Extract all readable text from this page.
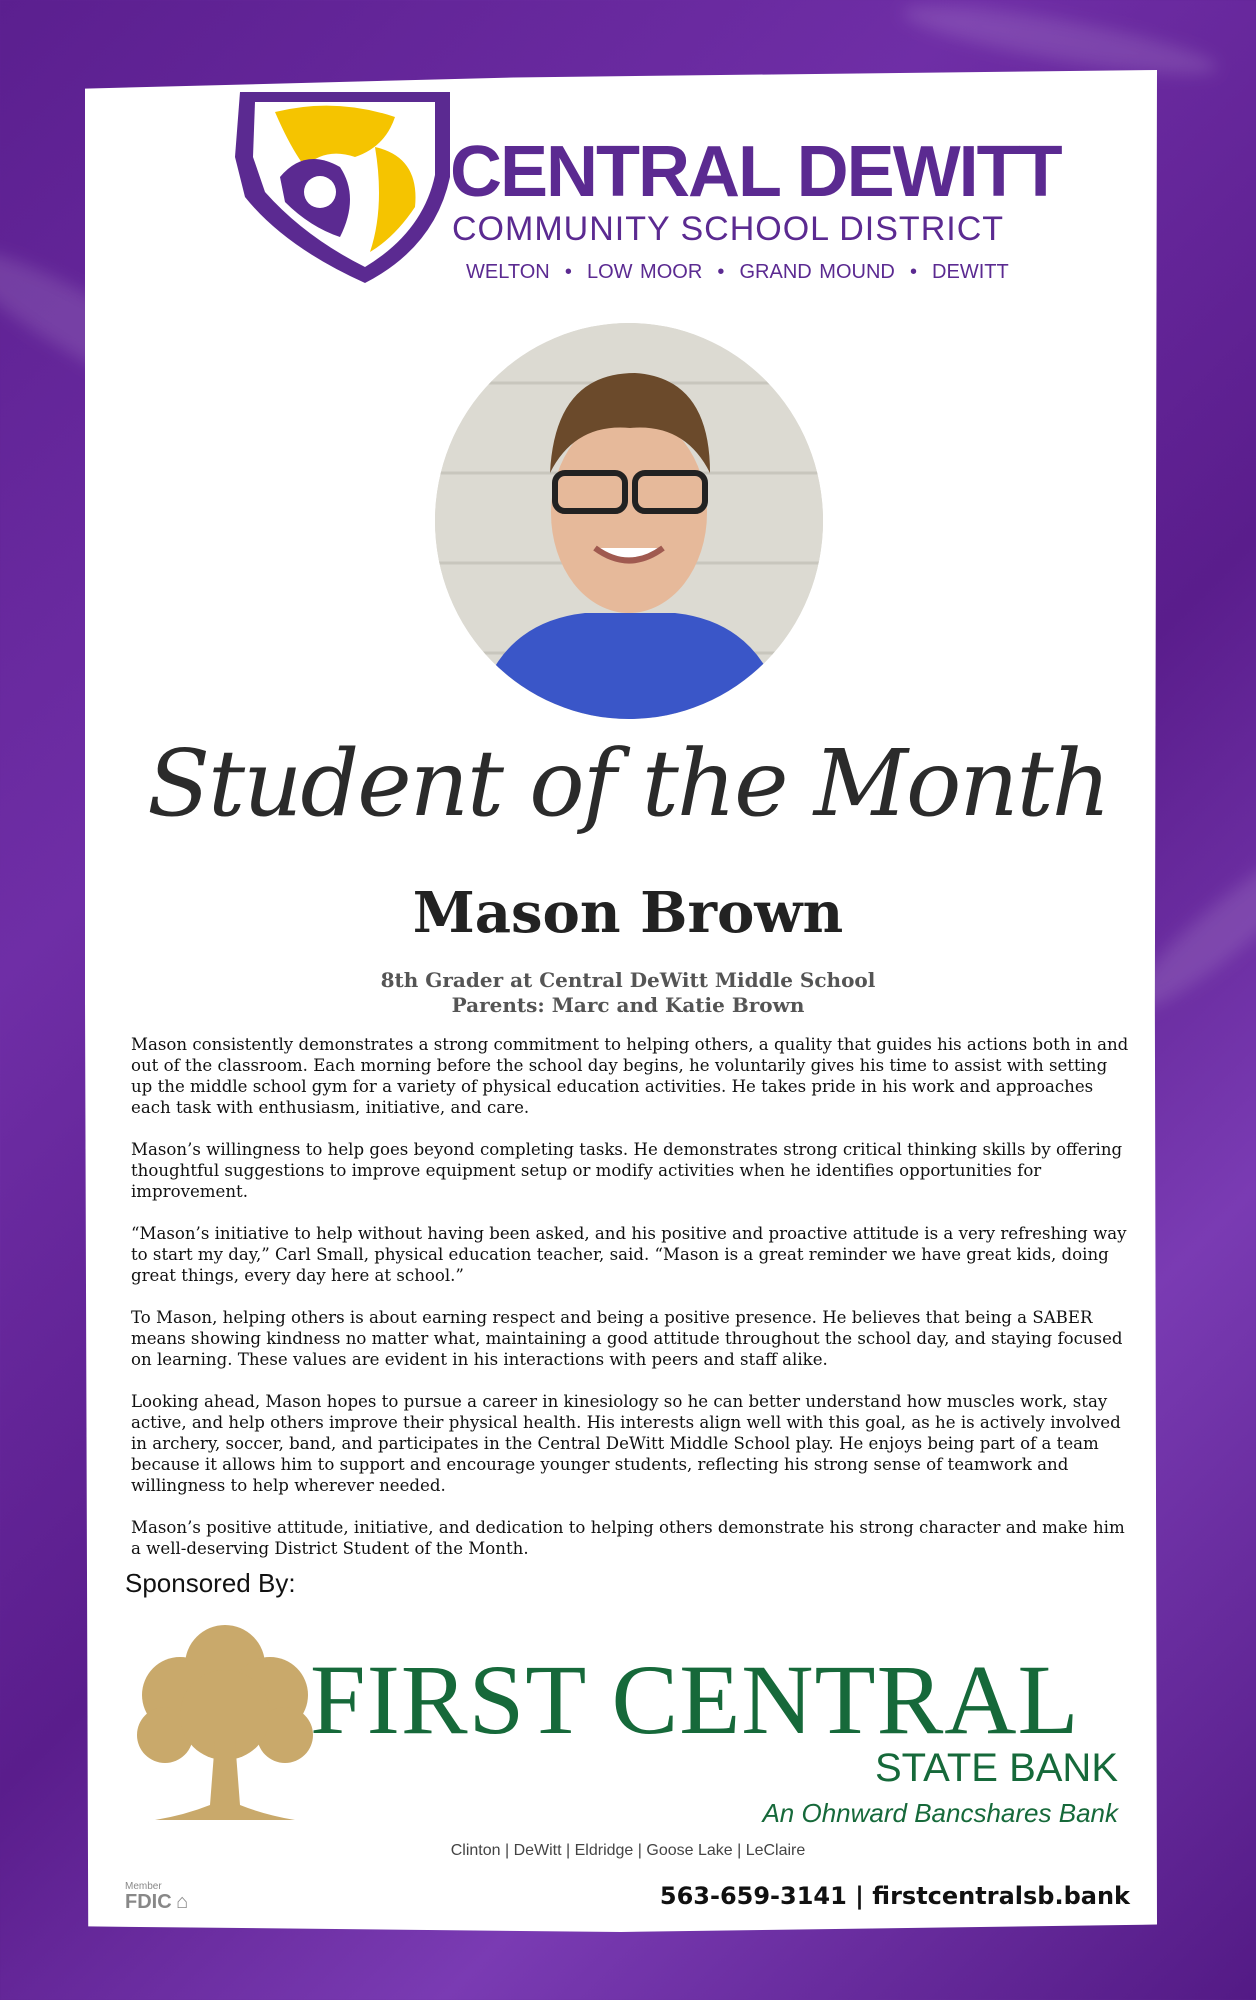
CENTRAL DEWITT
COMMUNITY SCHOOL DISTRICT
WELTON  •  LOW MOOR  •  GRAND MOUND  •  DEWITT
Student of the Month
Mason Brown
8th Grader at Central DeWitt Middle School
Parents: Marc and Katie Brown

Mason consistently demonstrates a strong commitment to helping others, a quality that guides his actions both in and out of the classroom. Each morning before the school day begins, he voluntarily gives his time to assist with setting up the middle school gym for a variety of physical education activities. He takes pride in his work and approaches each task with enthusiasm, initiative, and care.

Mason’s willingness to help goes beyond completing tasks. He demonstrates strong critical thinking skills by offering thoughtful suggestions to improve equipment setup or modify activities when he identifies opportunities for improvement.

“Mason’s initiative to help without having been asked, and his positive and proactive attitude is a very refreshing way to start my day,” Carl Small, physical education teacher, said. “Mason is a great reminder we have great kids, doing great things, every day here at school.”

To Mason, helping others is about earning respect and being a positive presence. He believes that being a SABER means showing kindness no matter what, maintaining a good attitude throughout the school day, and staying focused on learning. These values are evident in his interactions with peers and staff alike.

Looking ahead, Mason hopes to pursue a career in kinesiology so he can better understand how muscles work, stay active, and help others improve their physical health. His interests align well with this goal, as he is actively involved in archery, soccer, band, and participates in the Central DeWitt Middle School play. He enjoys being part of a team because it allows him to support and encourage younger students, reflecting his strong sense of teamwork and willingness to help wherever needed.

Mason’s positive attitude, initiative, and dedication to helping others demonstrate his strong character and make him a well-deserving District Student of the Month.

Sponsored By:
FIRST CENTRAL
STATE BANK
An Ohnward Bancshares Bank
Clinton | DeWitt | Eldridge | Goose Lake | LeClaire
Member
FDIC ⌂	563-659-3141 | firstcentralsb.bank
